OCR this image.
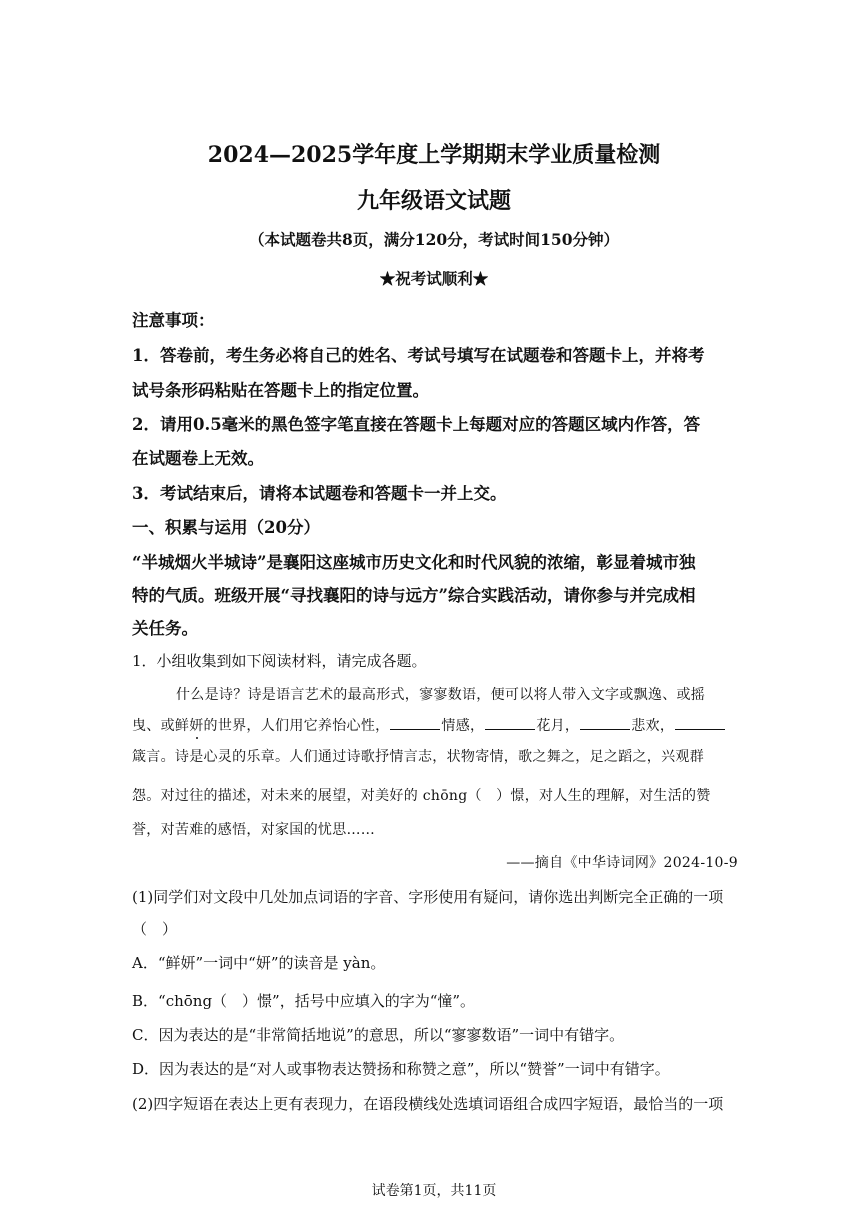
2024—2025学年度上学期期末学业质量检测
九年级语文试题
（本试题卷共8页，满分120分，考试时间150分钟）
★祝考试顺利★
注意事项：
1．答卷前，考生务必将自己的姓名、考试号填写在试题卷和答题卡上，并将考
试号条形码粘贴在答题卡上的指定位置。
2．请用0.5毫米的黑色签字笔直接在答题卡上每题对应的答题区域内作答，答
在试题卷上无效。
3．考试结束后，请将本试题卷和答题卡一并上交。
一、积累与运用（20分）
“半城烟火半城诗”是襄阳这座城市历史文化和时代风貌的浓缩，彰显着城市独
特的气质。班级开展“寻找襄阳的诗与远方”综合实践活动，请你参与并完成相
关任务。
1．小组收集到如下阅读材料，请完成各题。
什么是诗？诗是语言艺术的最高形式，寥寥数语，便可以将人带入文字或飘逸、或摇
曳、或鲜妍的世界，人们用它养怡心性，	情感，	花月，	悲欢，
箴言。诗是心灵的乐章。人们通过诗歌抒情言志，状物寄情，歌之舞之，足之蹈之，兴观群
怨。对过往的描述，对未来的展望，对美好的 chōng（　）憬，对人生的理解，对生活的赞
誉，对苦难的感悟，对家国的忧思……
——摘自《中华诗词网》2024-10-9
(1)同学们对文段中几处加点词语的字音、字形使用有疑问，请你选出判断完全正确的一项
（　）
A．“鲜妍”一词中“妍”的读音是 yàn。
B．“chōng（　）憬”，括号中应填入的字为“憧”。
C．因为表达的是“非常简括地说”的意思，所以“寥寥数语”一词中有错字。
D．因为表达的是“对人或事物表达赞扬和称赞之意”，所以“赞誉”一词中有错字。
(2)四字短语在表达上更有表现力，在语段横线处选填词语组合成四字短语，最恰当的一项
试卷第1页，共11页
